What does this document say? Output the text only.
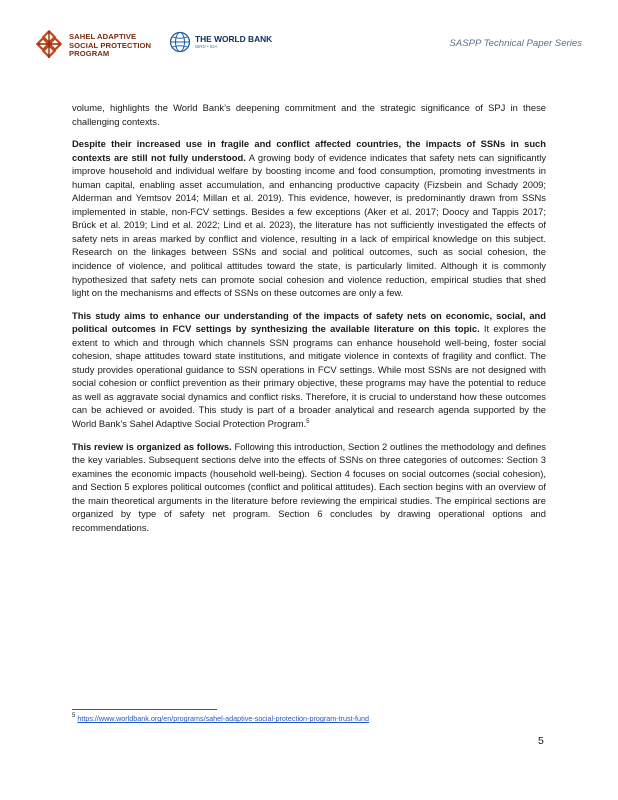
SAHEL ADAPTIVE
SOCIAL PROTECTION
PROGRAM
THE WORLD BANK
IBRD • IDA	SASPP Technical Paper Series

volume, highlights the World Bank’s deepening commitment and the strategic significance of SPJ in these challenging contexts.

Despite their increased use in fragile and conflict affected countries, the impacts of SSNs in such contexts are still not fully understood. A growing body of evidence indicates that safety nets can significantly improve household and individual welfare by boosting income and food consumption, promoting investments in human capital, enabling asset accumulation, and enhancing productive capacity (Fizsbein and Schady 2009; Alderman and Yemtsov 2014; Millan et al. 2019). This evidence, however, is predominantly drawn from SSNs implemented in stable, non-FCV settings. Besides a few exceptions (Aker et al. 2017; Doocy and Tappis 2017; Brück et al. 2019; Lind et al. 2022; Lind et al. 2023), the literature has not sufficiently investigated the effects of safety nets in areas marked by conflict and violence, resulting in a lack of empirical knowledge on this subject. Research on the linkages between SSNs and social and political outcomes, such as social cohesion, the incidence of violence, and political attitudes toward the state, is particularly limited. Although it is commonly hypothesized that safety nets can promote social cohesion and violence reduction, empirical studies that shed light on the mechanisms and effects of SSNs on these outcomes are only a few.

This study aims to enhance our understanding of the impacts of safety nets on economic, social, and political outcomes in FCV settings by synthesizing the available literature on this topic. It explores the extent to which and through which channels SSN programs can enhance household well-being, foster social cohesion, shape attitudes toward state institutions, and mitigate violence in contexts of fragility and conflict. The study provides operational guidance to SSN operations in FCV settings. While most SSNs are not designed with social cohesion or conflict prevention as their primary objective, these programs may have the potential to reduce as well as aggravate social dynamics and conflict risks. Therefore, it is crucial to understand how these outcomes can be achieved or avoided. This study is part of a broader analytical and research agenda supported by the World Bank’s Sahel Adaptive Social Protection Program.$^5$

This review is organized as follows. Following this introduction, Section 2 outlines the methodology and defines the key variables. Subsequent sections delve into the effects of SSNs on three categories of outcomes: Section 3 examines the economic impacts (household well-being). Section 4 focuses on social outcomes (social cohesion), and Section 5 explores political outcomes (conflict and political attitudes). Each section begins with an overview of the main theoretical arguments in the literature before reviewing the empirical studies. The empirical sections are organized by type of safety net program. Section 6 concludes by drawing operational options and recommendations.

$^5$ https://www.worldbank.org/en/programs/sahel-adaptive-social-protection-program-trust-fund
5
